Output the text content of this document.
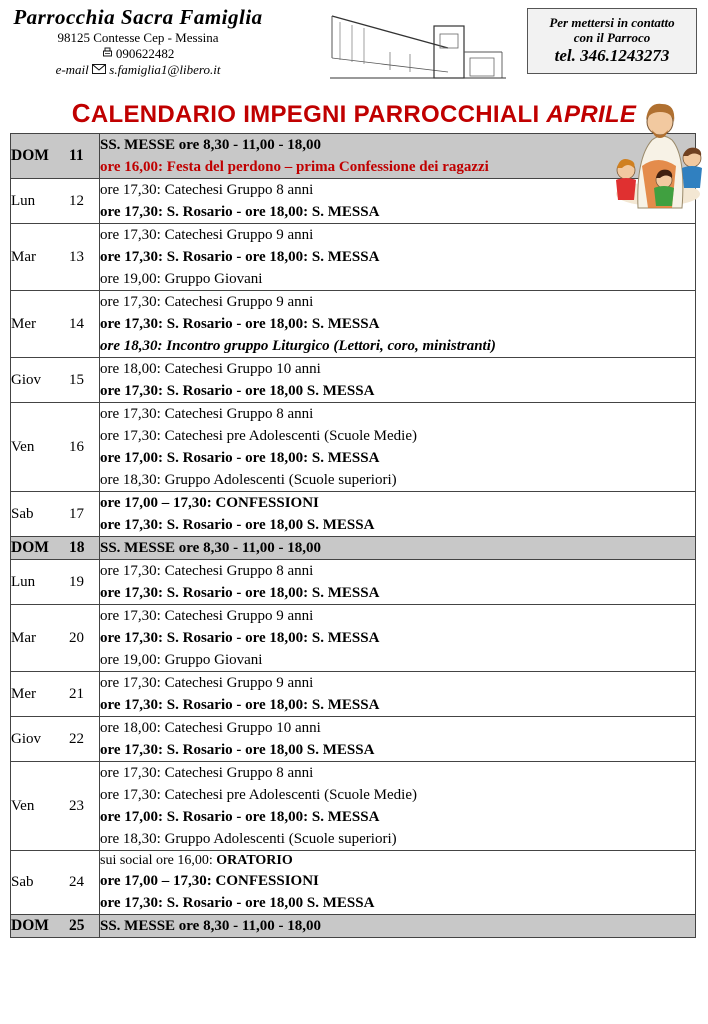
Parrocchia Sacra Famiglia
98125 Contesse Cep - Messina
090622482
e-mail s.famiglia1@libero.it
Per mettersi in contatto
con il Parroco
tel. 346.1243273
CALENDARIO IMPEGNI PARROCCHIALI APRILE
DOM 11	SS. MESSE ore 8,30 - 11,00 - 18,00
ore 16,00: Festa del perdono – prima Confessione dei ragazzi

Lun 12	ore 17,30: Catechesi Gruppo 8 anni
ore 17,30: S. Rosario - ore 18,00: S. MESSA

Mar 13	ore 17,30: Catechesi Gruppo 9 anni
ore 17,30: S. Rosario - ore 18,00: S. MESSA
ore 19,00: Gruppo Giovani

Mer 14	ore 17,30: Catechesi Gruppo 9 anni
ore 17,30: S. Rosario - ore 18,00: S. MESSA
ore 18,30: Incontro gruppo Liturgico (Lettori, coro, ministranti)

Giov 15	ore 18,00: Catechesi Gruppo 10 anni
ore 17,30: S. Rosario - ore 18,00 S. MESSA

Ven 16	ore 17,30: Catechesi Gruppo 8 anni
ore 17,30: Catechesi pre Adolescenti (Scuole Medie)
ore 17,00: S. Rosario - ore 18,00: S. MESSA
ore 18,30: Gruppo Adolescenti (Scuole superiori)

Sab 17	ore 17,00 – 17,30: CONFESSIONI
ore 17,30: S. Rosario - ore 18,00 S. MESSA

DOM 18	SS. MESSE ore 8,30 - 11,00 - 18,00

Lun 19	ore 17,30: Catechesi Gruppo 8 anni
ore 17,30: S. Rosario - ore 18,00: S. MESSA

Mar 20	ore 17,30: Catechesi Gruppo 9 anni
ore 17,30: S. Rosario - ore 18,00: S. MESSA
ore 19,00: Gruppo Giovani

Mer 21	ore 17,30: Catechesi Gruppo 9 anni
ore 17,30: S. Rosario - ore 18,00: S. MESSA

Giov 22	ore 18,00: Catechesi Gruppo 10 anni
ore 17,30: S. Rosario - ore 18,00 S. MESSA

Ven 23	ore 17,30: Catechesi Gruppo 8 anni
ore 17,30: Catechesi pre Adolescenti (Scuole Medie)
ore 17,00: S. Rosario - ore 18,00: S. MESSA
ore 18,30: Gruppo Adolescenti (Scuole superiori)

Sab 24	sui social ore 16,00: ORATORIO
ore 17,00 – 17,30: CONFESSIONI
ore 17,30: S. Rosario - ore 18,00 S. MESSA

DOM 25	SS. MESSE ore 8,30 - 11,00 - 18,00
